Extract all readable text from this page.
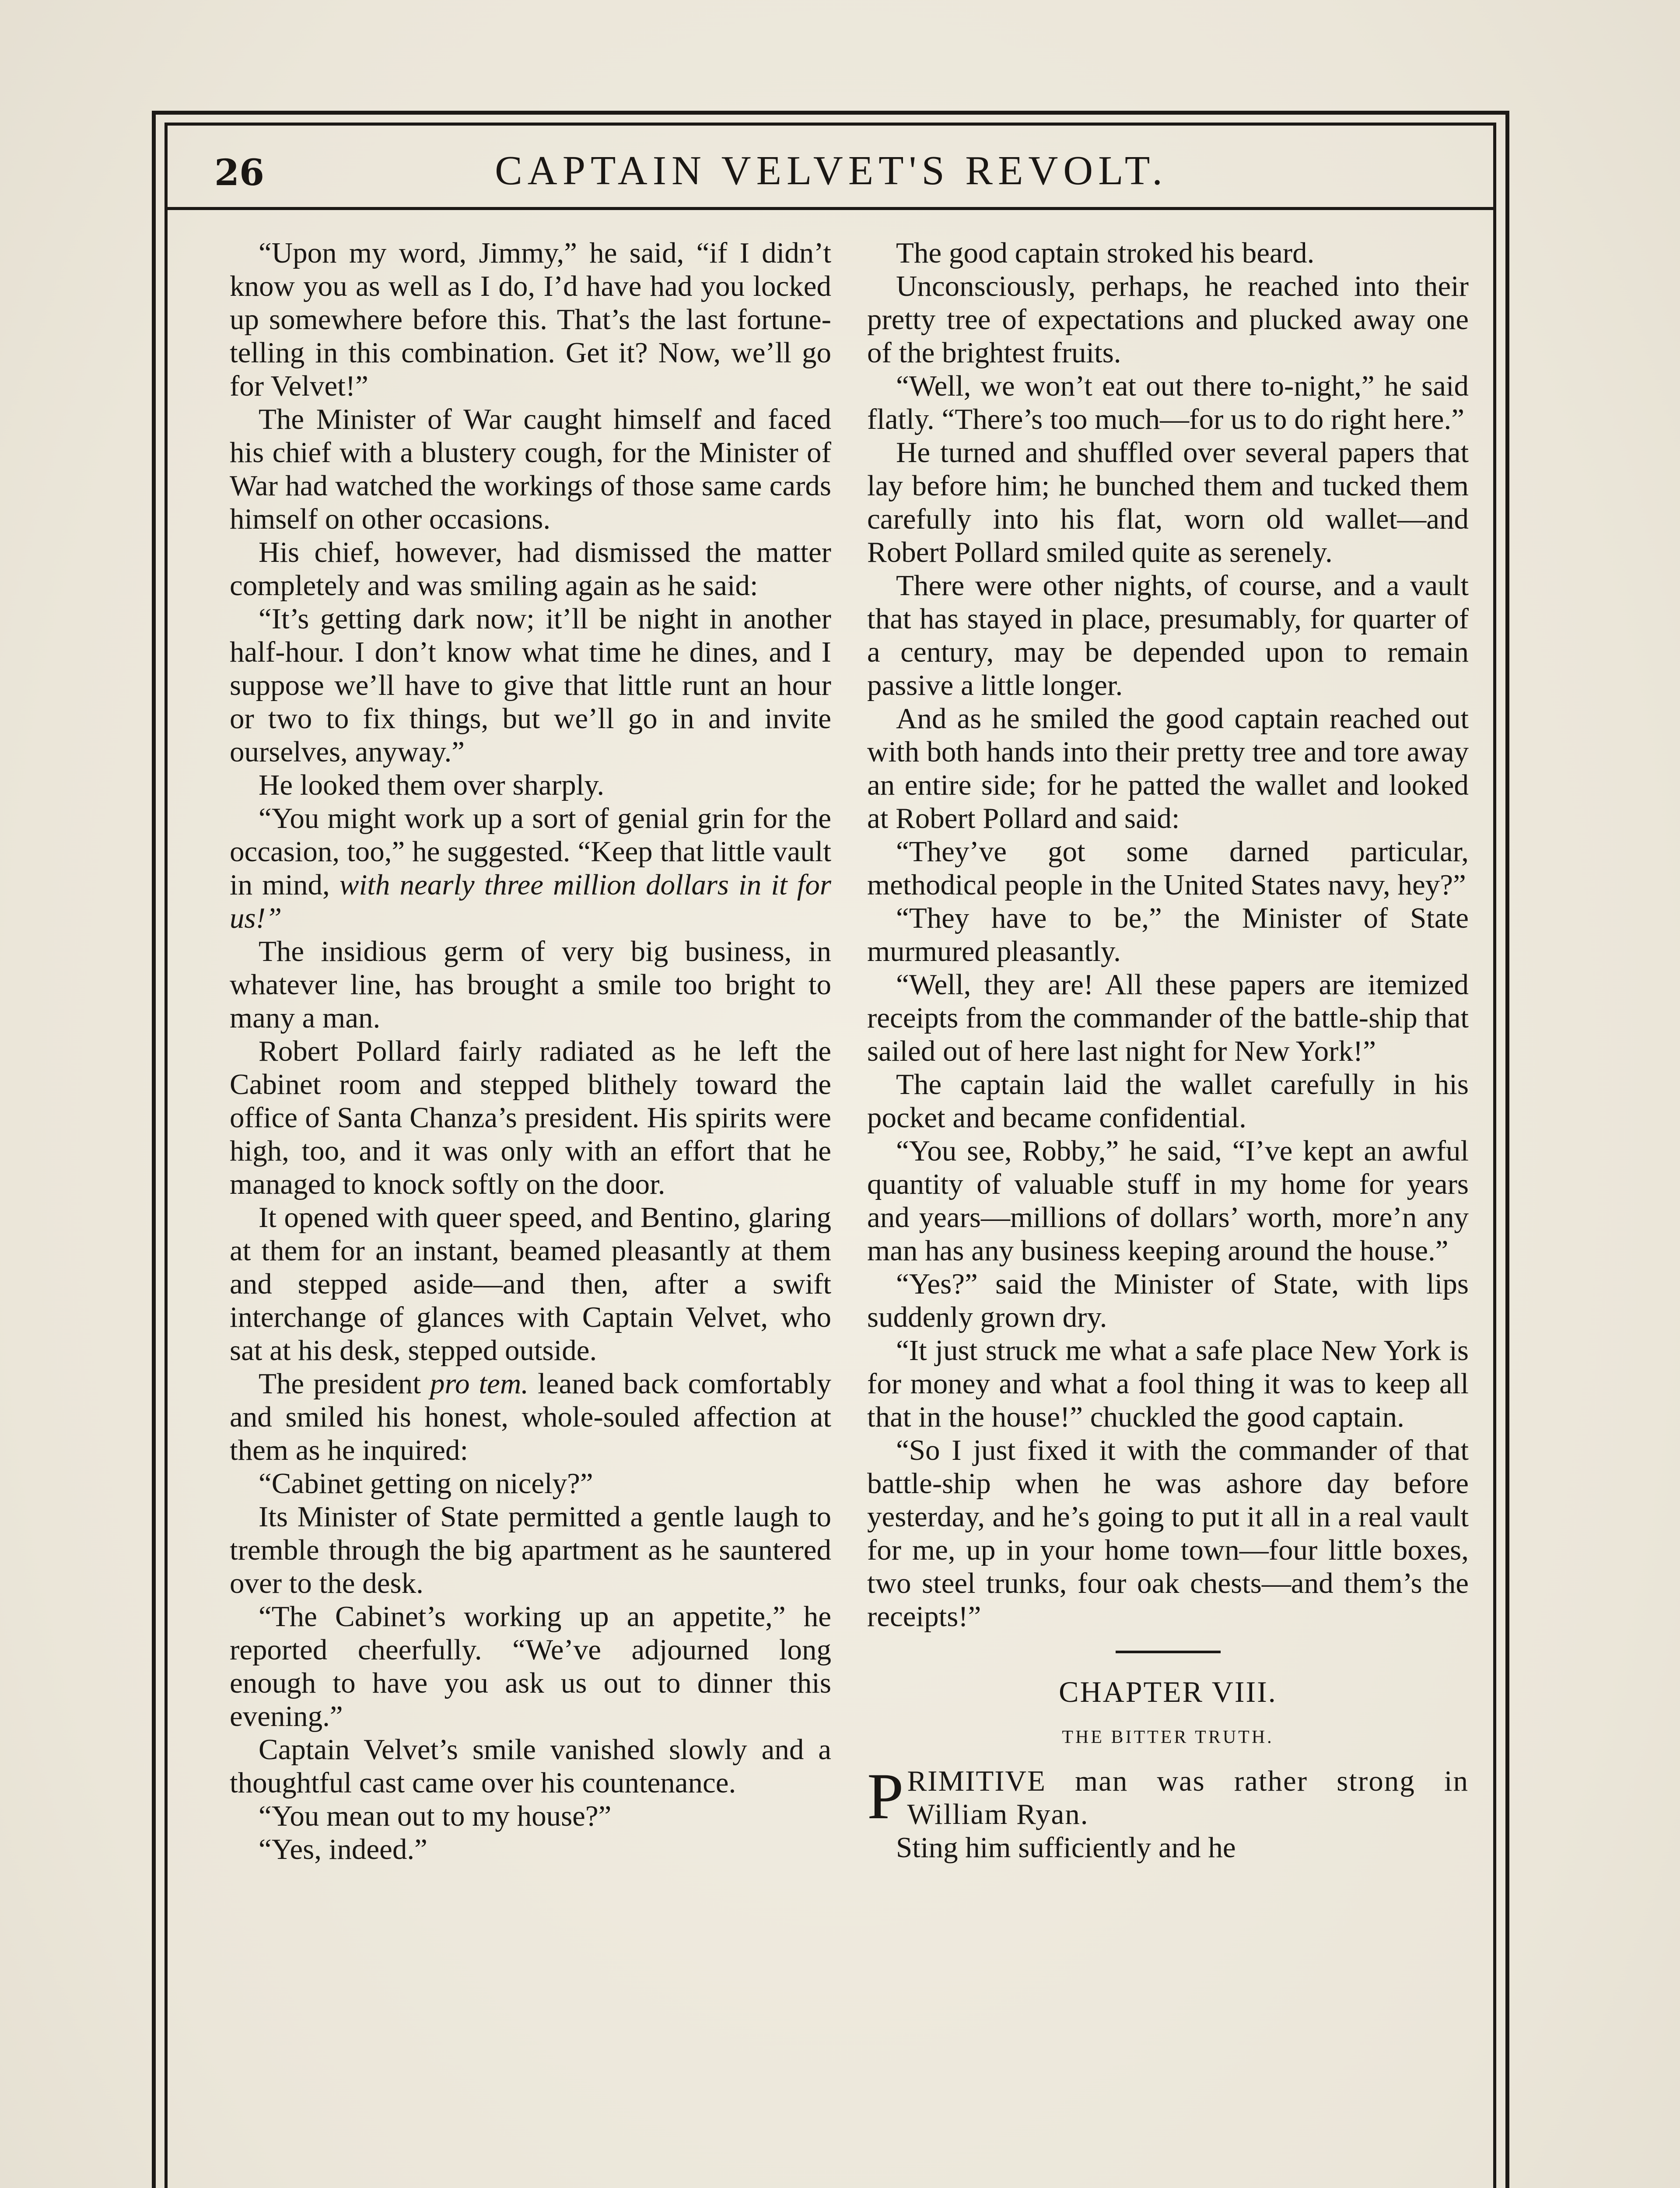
26	CAPTAIN VELVET'S REVOLT.

“Upon my word, Jimmy,” he said, “if I didn’t know you as well as I do, I’d have had you locked up somewhere before this. That’s the last fortune-telling in this combination. Get it? Now, we’ll go for Velvet!”

The Minister of War caught himself and faced his chief with a blustery cough, for the Minister of War had watched the workings of those same cards himself on other occasions.

His chief, however, had dismissed the matter completely and was smiling again as he said:

“It’s getting dark now; it’ll be night in another half-hour. I don’t know what time he dines, and I suppose we’ll have to give that little runt an hour or two to fix things, but we’ll go in and invite ourselves, anyway.”

He looked them over sharply.

“You might work up a sort of genial grin for the occasion, too,” he suggested. “Keep that little vault in mind, with nearly three million dollars in it for us!”

The insidious germ of very big business, in whatever line, has brought a smile too bright to many a man.

Robert Pollard fairly radiated as he left the Cabinet room and stepped blithely toward the office of Santa Chanza’s president. His spirits were high, too, and it was only with an effort that he managed to knock softly on the door.

It opened with queer speed, and Bentino, glaring at them for an instant, beamed pleasantly at them and stepped aside—and then, after a swift interchange of glances with Captain Velvet, who sat at his desk, stepped outside.

The president pro tem. leaned back comfortably and smiled his honest, whole-souled affection at them as he inquired:

“Cabinet getting on nicely?”

Its Minister of State permitted a gentle laugh to tremble through the big apartment as he sauntered over to the desk.

“The Cabinet’s working up an appetite,” he reported cheerfully. “We’ve adjourned long enough to have you ask us out to dinner this evening.”

Captain Velvet’s smile vanished slowly and a thoughtful cast came over his countenance.

“You mean out to my house?”

“Yes, indeed.”

The good captain stroked his beard.

Unconsciously, perhaps, he reached into their pretty tree of expectations and plucked away one of the brightest fruits.

“Well, we won’t eat out there to-night,” he said flatly. “There’s too much—for us to do right here.”

He turned and shuffled over several papers that lay before him; he bunched them and tucked them carefully into his flat, worn old wallet—and Robert Pollard smiled quite as serenely.

There were other nights, of course, and a vault that has stayed in place, presumably, for quarter of a century, may be depended upon to remain passive a little longer.

And as he smiled the good captain reached out with both hands into their pretty tree and tore away an entire side; for he patted the wallet and looked at Robert Pollard and said:

“They’ve got some darned particular, methodical people in the United States navy, hey?”

“They have to be,” the Minister of State murmured pleasantly.

“Well, they are! All these papers are itemized receipts from the commander of the battle-ship that sailed out of here last night for New York!”

The captain laid the wallet carefully in his pocket and became confidential.

“You see, Robby,” he said, “I’ve kept an awful quantity of valuable stuff in my home for years and years—millions of dollars’ worth, more’n any man has any business keeping around the house.”

“Yes?” said the Minister of State, with lips suddenly grown dry.

“It just struck me what a safe place New York is for money and what a fool thing it was to keep all that in the house!” chuckled the good captain.

“So I just fixed it with the commander of that battle-ship when he was ashore day before yesterday, and he’s going to put it all in a real vault for me, up in your home town—four little boxes, two steel trunks, four oak chests—and them’s the receipts!”

CHAPTER VIII.
THE BITTER TRUTH.

PRIMITIVE man was rather strong in William Ryan.

Sting him sufficiently and he
